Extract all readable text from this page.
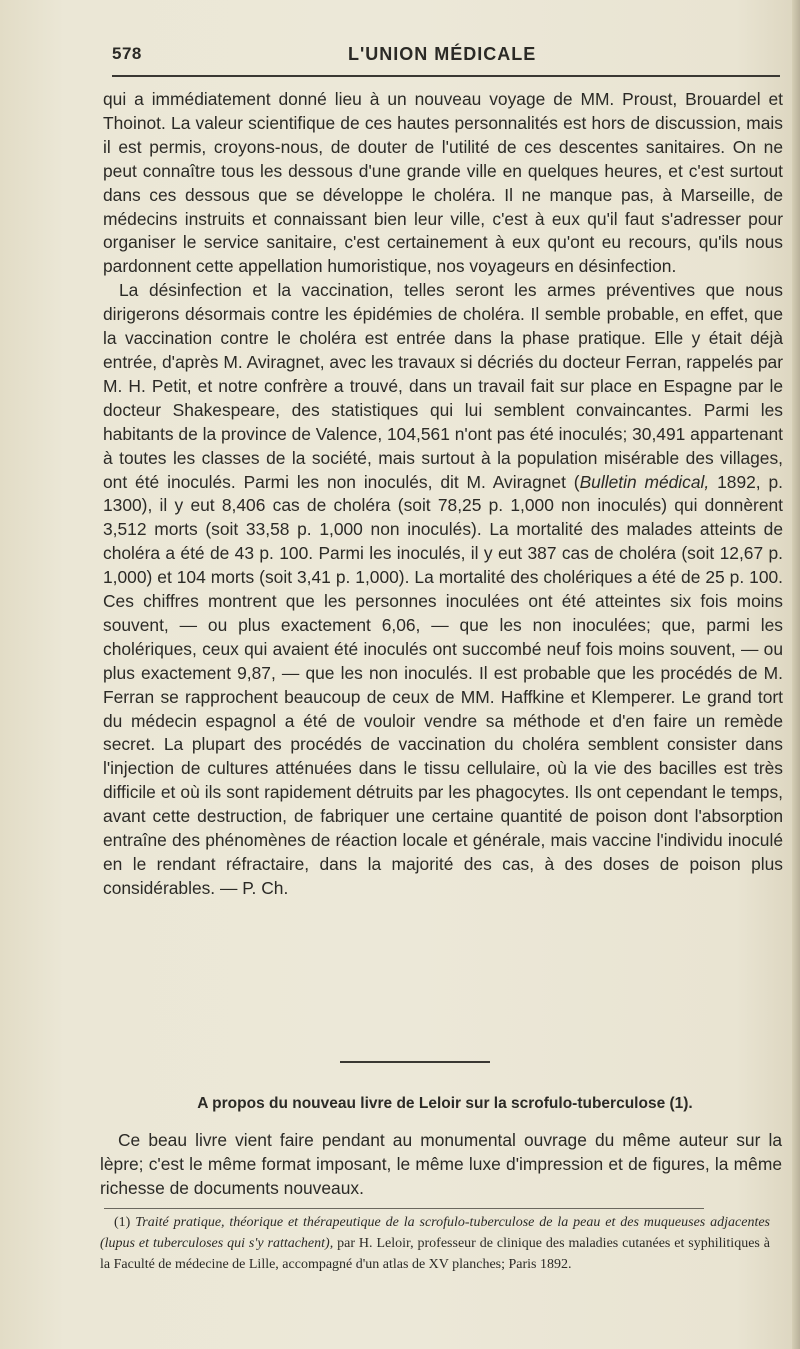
578	L'UNION MÉDICALE

qui a immédiatement donné lieu à un nouveau voyage de MM. Proust, Brouardel et Thoinot. La valeur scientifique de ces hautes personnalités est hors de discussion, mais il est permis, croyons-nous, de douter de l'utilité de ces descentes sanitaires. On ne peut connaître tous les dessous d'une grande ville en quelques heures, et c'est surtout dans ces dessous que se développe le choléra. Il ne manque pas, à Marseille, de médecins instruits et connaissant bien leur ville, c'est à eux qu'il faut s'adresser pour organiser le service sanitaire, c'est certainement à eux qu'ont eu recours, qu'ils nous pardonnent cette appellation humoristique, nos voyageurs en désinfection.

La désinfection et la vaccination, telles seront les armes préventives que nous dirigerons désormais contre les épidémies de choléra. Il semble probable, en effet, que la vaccination contre le choléra est entrée dans la phase pratique. Elle y était déjà entrée, d'après M. Aviragnet, avec les travaux si décriés du docteur Ferran, rappelés par M. H. Petit, et notre confrère a trouvé, dans un travail fait sur place en Espagne par le docteur Shakespeare, des statistiques qui lui semblent convaincantes. Parmi les habitants de la province de Valence, 104,561 n'ont pas été inoculés; 30,491 appartenant à toutes les classes de la société, mais surtout à la population misérable des villages, ont été inoculés. Parmi les non inoculés, dit M. Aviragnet (Bulletin médical, 1892, p. 1300), il y eut 8,406 cas de choléra (soit 78,25 p. 1,000 non inoculés) qui donnèrent 3,512 morts (soit 33,58 p. 1,000 non inoculés). La mortalité des malades atteints de choléra a été de 43 p. 100. Parmi les inoculés, il y eut 387 cas de choléra (soit 12,67 p. 1,000) et 104 morts (soit 3,41 p. 1,000). La mortalité des cholériques a été de 25 p. 100. Ces chiffres montrent que les personnes inoculées ont été atteintes six fois moins souvent, — ou plus exactement 6,06, — que les non inoculées; que, parmi les cholériques, ceux qui avaient été inoculés ont succombé neuf fois moins souvent, — ou plus exactement 9,87, — que les non inoculés. Il est probable que les procédés de M. Ferran se rapprochent beaucoup de ceux de MM. Haffkine et Klemperer. Le grand tort du médecin espagnol a été de vouloir vendre sa méthode et d'en faire un remède secret. La plupart des procédés de vaccination du choléra semblent consister dans l'injection de cultures atténuées dans le tissu cellulaire, où la vie des bacilles est très difficile et où ils sont rapidement détruits par les phagocytes. Ils ont cependant le temps, avant cette destruction, de fabriquer une certaine quantité de poison dont l'absorption entraîne des phénomènes de réaction locale et générale, mais vaccine l'individu inoculé en le rendant réfractaire, dans la majorité des cas, à des doses de poison plus considérables. — P. Ch.

A propos du nouveau livre de Leloir sur la scrofulo-tuberculose (1).

Ce beau livre vient faire pendant au monumental ouvrage du même auteur sur la lèpre; c'est le même format imposant, le même luxe d'impression et de figures, la même richesse de documents nouveaux.

(1) Traité pratique, théorique et thérapeutique de la scrofulo-tuberculose de la peau et des muqueuses adjacentes (lupus et tuberculoses qui s'y rattachent), par H. Leloir, professeur de clinique des maladies cutanées et syphilitiques à la Faculté de médecine de Lille, accompagné d'un atlas de XV planches; Paris 1892.
